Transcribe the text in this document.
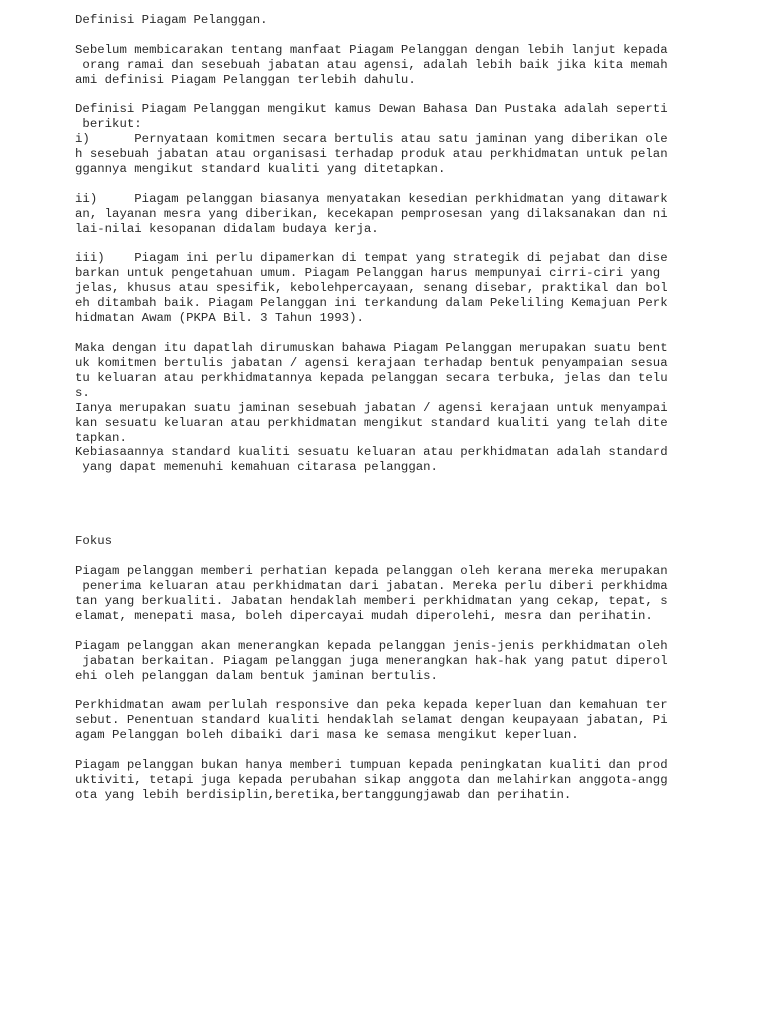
Definisi Piagam Pelanggan.

Sebelum membicarakan tentang manfaat Piagam Pelanggan dengan lebih lanjut kepada

orang ramai dan sesebuah jabatan atau agensi, adalah lebih baik jika kita memah

ami definisi Piagam Pelanggan terlebih dahulu.

Definisi Piagam Pelanggan mengikut kamus Dewan Bahasa Dan Pustaka adalah seperti

berikut:

i)      Pernyataan komitmen secara bertulis atau satu jaminan yang diberikan ole

h sesebuah jabatan atau organisasi terhadap produk atau perkhidmatan untuk pelan

ggannya mengikut standard kualiti yang ditetapkan.

ii)     Piagam pelanggan biasanya menyatakan kesedian perkhidmatan yang ditawark

an, layanan mesra yang diberikan, kecekapan pemprosesan yang dilaksanakan dan ni

lai-nilai kesopanan didalam budaya kerja.

iii)    Piagam ini perlu dipamerkan di tempat yang strategik di pejabat dan dise

barkan untuk pengetahuan umum. Piagam Pelanggan harus mempunyai cirri-ciri yang

jelas, khusus atau spesifik, kebolehpercayaan, senang disebar, praktikal dan bol

eh ditambah baik. Piagam Pelanggan ini terkandung dalam Pekeliling Kemajuan Perk

hidmatan Awam (PKPA Bil. 3 Tahun 1993).

Maka dengan itu dapatlah dirumuskan bahawa Piagam Pelanggan merupakan suatu bent

uk komitmen bertulis jabatan / agensi kerajaan terhadap bentuk penyampaian sesua

tu keluaran atau perkhidmatannya kepada pelanggan secara terbuka, jelas dan telu

s.

Ianya merupakan suatu jaminan sesebuah jabatan / agensi kerajaan untuk menyampai

kan sesuatu keluaran atau perkhidmatan mengikut standard kualiti yang telah dite

tapkan.

Kebiasaannya standard kualiti sesuatu keluaran atau perkhidmatan adalah standard

yang dapat memenuhi kemahuan citarasa pelanggan.

Fokus

Piagam pelanggan memberi perhatian kepada pelanggan oleh kerana mereka merupakan

penerima keluaran atau perkhidmatan dari jabatan. Mereka perlu diberi perkhidma

tan yang berkualiti. Jabatan hendaklah memberi perkhidmatan yang cekap, tepat, s

elamat, menepati masa, boleh dipercayai mudah diperolehi, mesra dan perihatin.

Piagam pelanggan akan menerangkan kepada pelanggan jenis-jenis perkhidmatan oleh

jabatan berkaitan. Piagam pelanggan juga menerangkan hak-hak yang patut diperol

ehi oleh pelanggan dalam bentuk jaminan bertulis.

Perkhidmatan awam perlulah responsive dan peka kepada keperluan dan kemahuan ter

sebut. Penentuan standard kualiti hendaklah selamat dengan keupayaan jabatan, Pi

agam Pelanggan boleh dibaiki dari masa ke semasa mengikut keperluan.

Piagam pelanggan bukan hanya memberi tumpuan kepada peningkatan kualiti dan prod

uktiviti, tetapi juga kepada perubahan sikap anggota dan melahirkan anggota-angg

ota yang lebih berdisiplin,beretika,bertanggungjawab dan perihatin.
